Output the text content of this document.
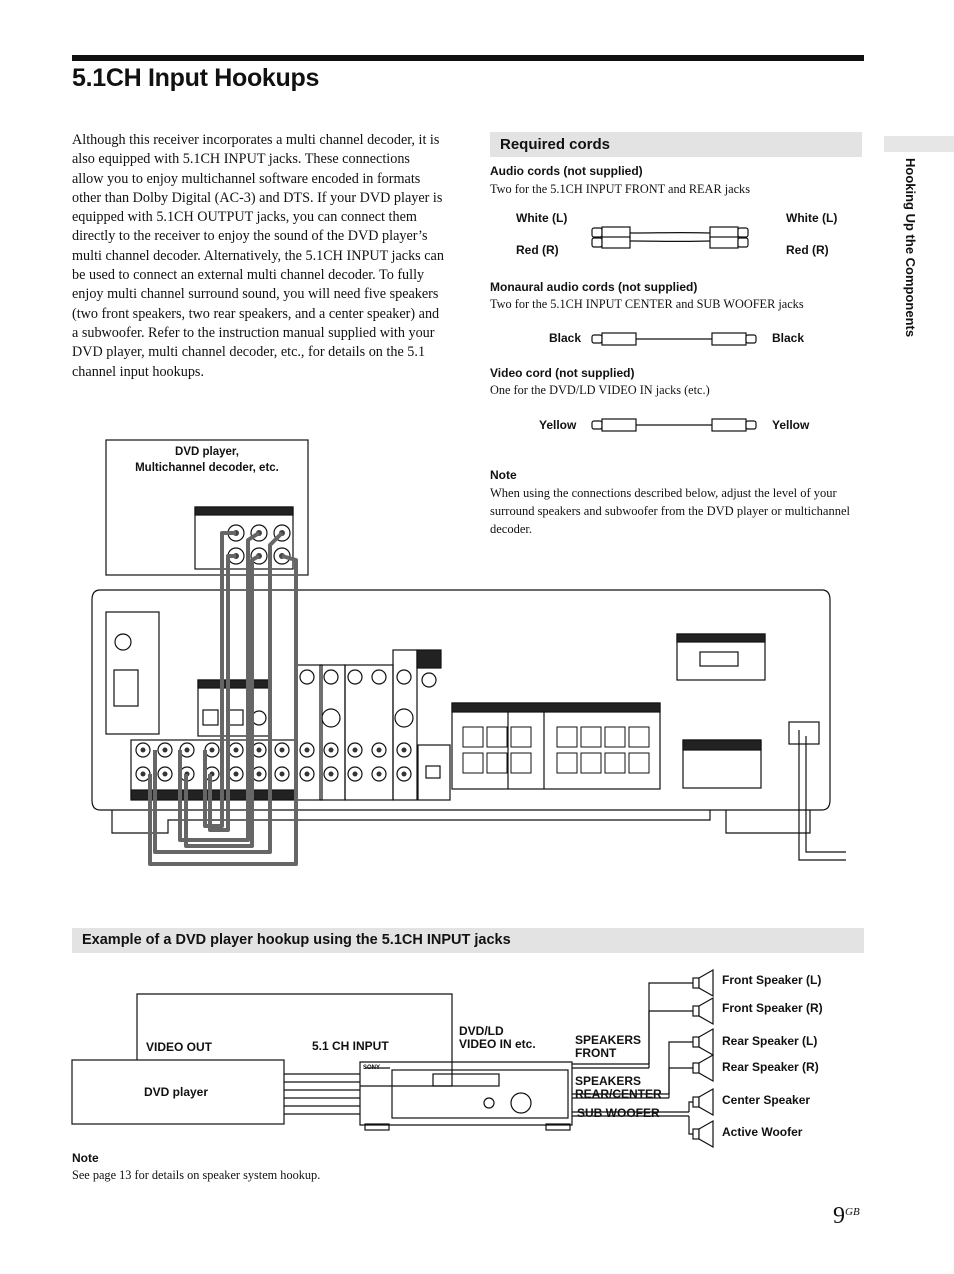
5.1CH Input Hookups
Although this receiver incorporates a multi channel decoder, it is also equipped with 5.1CH INPUT jacks. These connections allow you to enjoy multichannel software encoded in formats other than Dolby Digital (AC-3) and DTS. If your DVD player is equipped with 5.1CH OUTPUT jacks, you can connect them directly to the receiver to enjoy the sound of the DVD player’s multi channel decoder. Alternatively, the 5.1CH INPUT jacks can be used to connect an external multi channel decoder. To fully enjoy multi channel surround sound, you will need five speakers (two front speakers, two rear speakers, and a center speaker) and a subwoofer. Refer to the instruction manual supplied with your DVD player, multi channel decoder, etc., for details on the 5.1 channel input hookups.
Hooking Up the Components
Required cords
Audio cords (not supplied)
Two for the 5.1CH INPUT FRONT and REAR jacks
White (L)
Red (R)
White (L)
Red (R)
Monaural audio cords (not supplied)
Two for the 5.1CH INPUT CENTER and SUB WOOFER jacks
Black	Black
Video cord (not supplied)
One for the DVD/LD VIDEO IN jacks (etc.)
Yellow	Yellow
Note
When using the connections described below, adjust the level of your surround speakers and subwoofer from the DVD player or multichannel decoder.
DVD player,
Multichannel decoder, etc.
Example of a DVD player hookup using the 5.1CH INPUT jacks
VIDEO OUT	5.1 CH INPUT
DVD/LD
VIDEO IN etc.
DVD player
SPEAKERS
FRONT
SPEAKERS
REAR/CENTER
SUB WOOFER
Front Speaker (L)
Front Speaker (R)
Rear Speaker (L)
Rear Speaker (R)
Center Speaker
Active Woofer
Note
See page 13 for details on speaker system hookup.
$9^{GB}$
SONY
